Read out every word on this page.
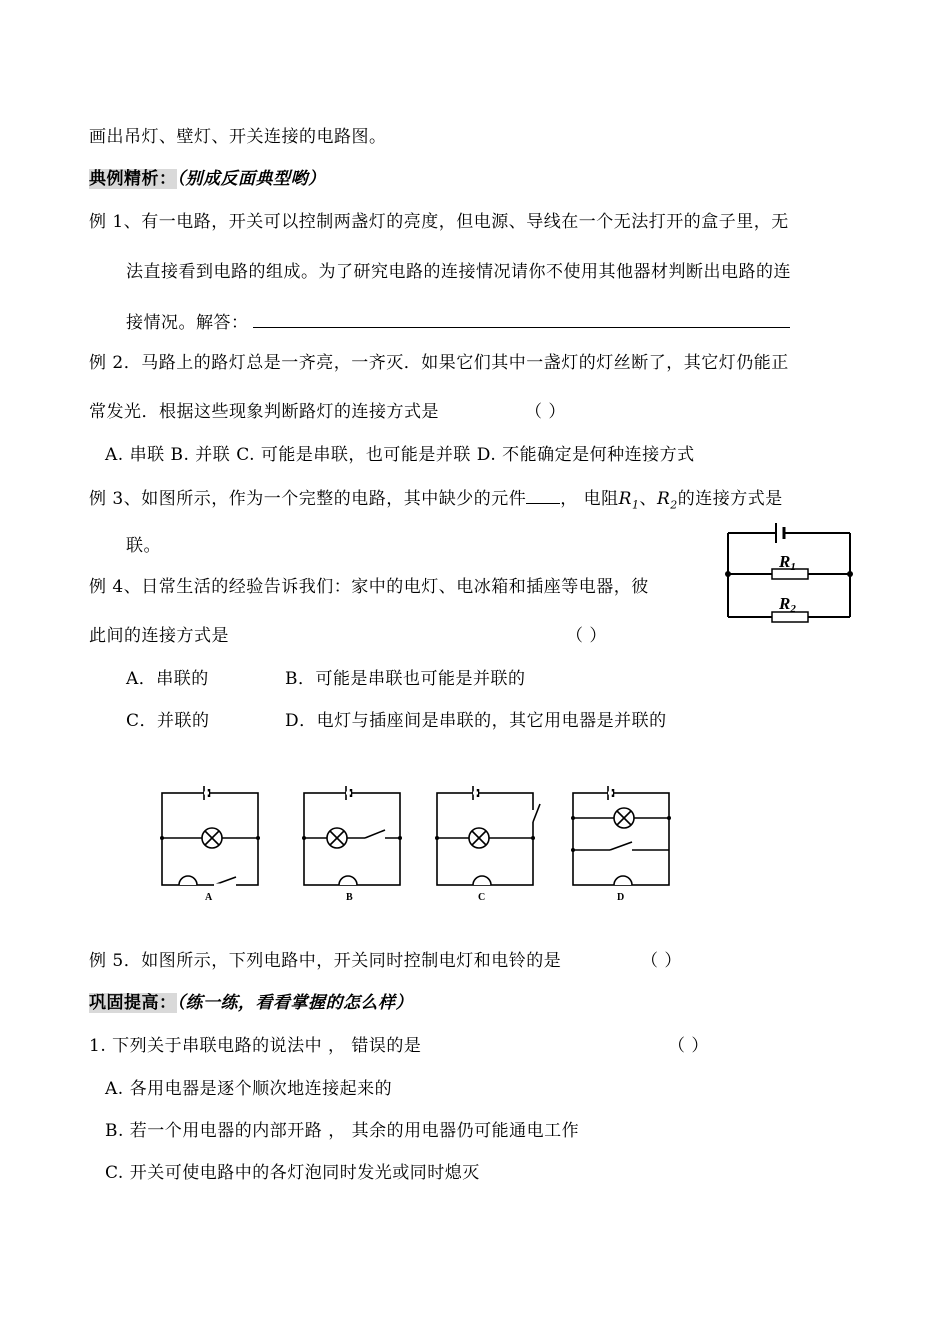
画出吊灯、壁灯、开关连接的电路图。
典例精析：（别成反面典型哟）
例 1、有一电路，开关可以控制两盏灯的亮度，但电源、导线在一个无法打开的盒子里，无
法直接看到电路的组成。为了研究电路的连接情况请你不使用其他器材判断出电路的连
接情况。解答：
例 2．马路上的路灯总是一齐亮，一齐灭．如果它们其中一盏灯的灯丝断了，其它灯仍能正
常发光．根据这些现象判断路灯的连接方式是	（ ）
A. 串联 B. 并联 C. 可能是串联，也可能是并联 D. 不能确定是何种连接方式
例 3、如图所示，作为一个完整的电路，其中缺少的元件 ， 电阻$R_1$、$R_2$的连接方式是
联。
R1
R2
例 4、日常生活的经验告诉我们：家中的电灯、电冰箱和插座等电器，彼
此间的连接方式是	（ ）
A．串联的	B．可能是串联也可能是并联的
C．并联的	D．电灯与插座间是串联的，其它用电器是并联的
A	B	C	D
例 5．如图所示，下列电路中，开关同时控制电灯和电铃的是	（ ）
巩固提高：（练一练，看看掌握的怎么样）
1. 下列关于串联电路的说法中 ， 错误的是	（ ）
A. 各用电器是逐个顺次地连接起来的
B. 若一个用电器的内部开路 ， 其余的用电器仍可能通电工作
C. 开关可使电路中的各灯泡同时发光或同时熄灭
